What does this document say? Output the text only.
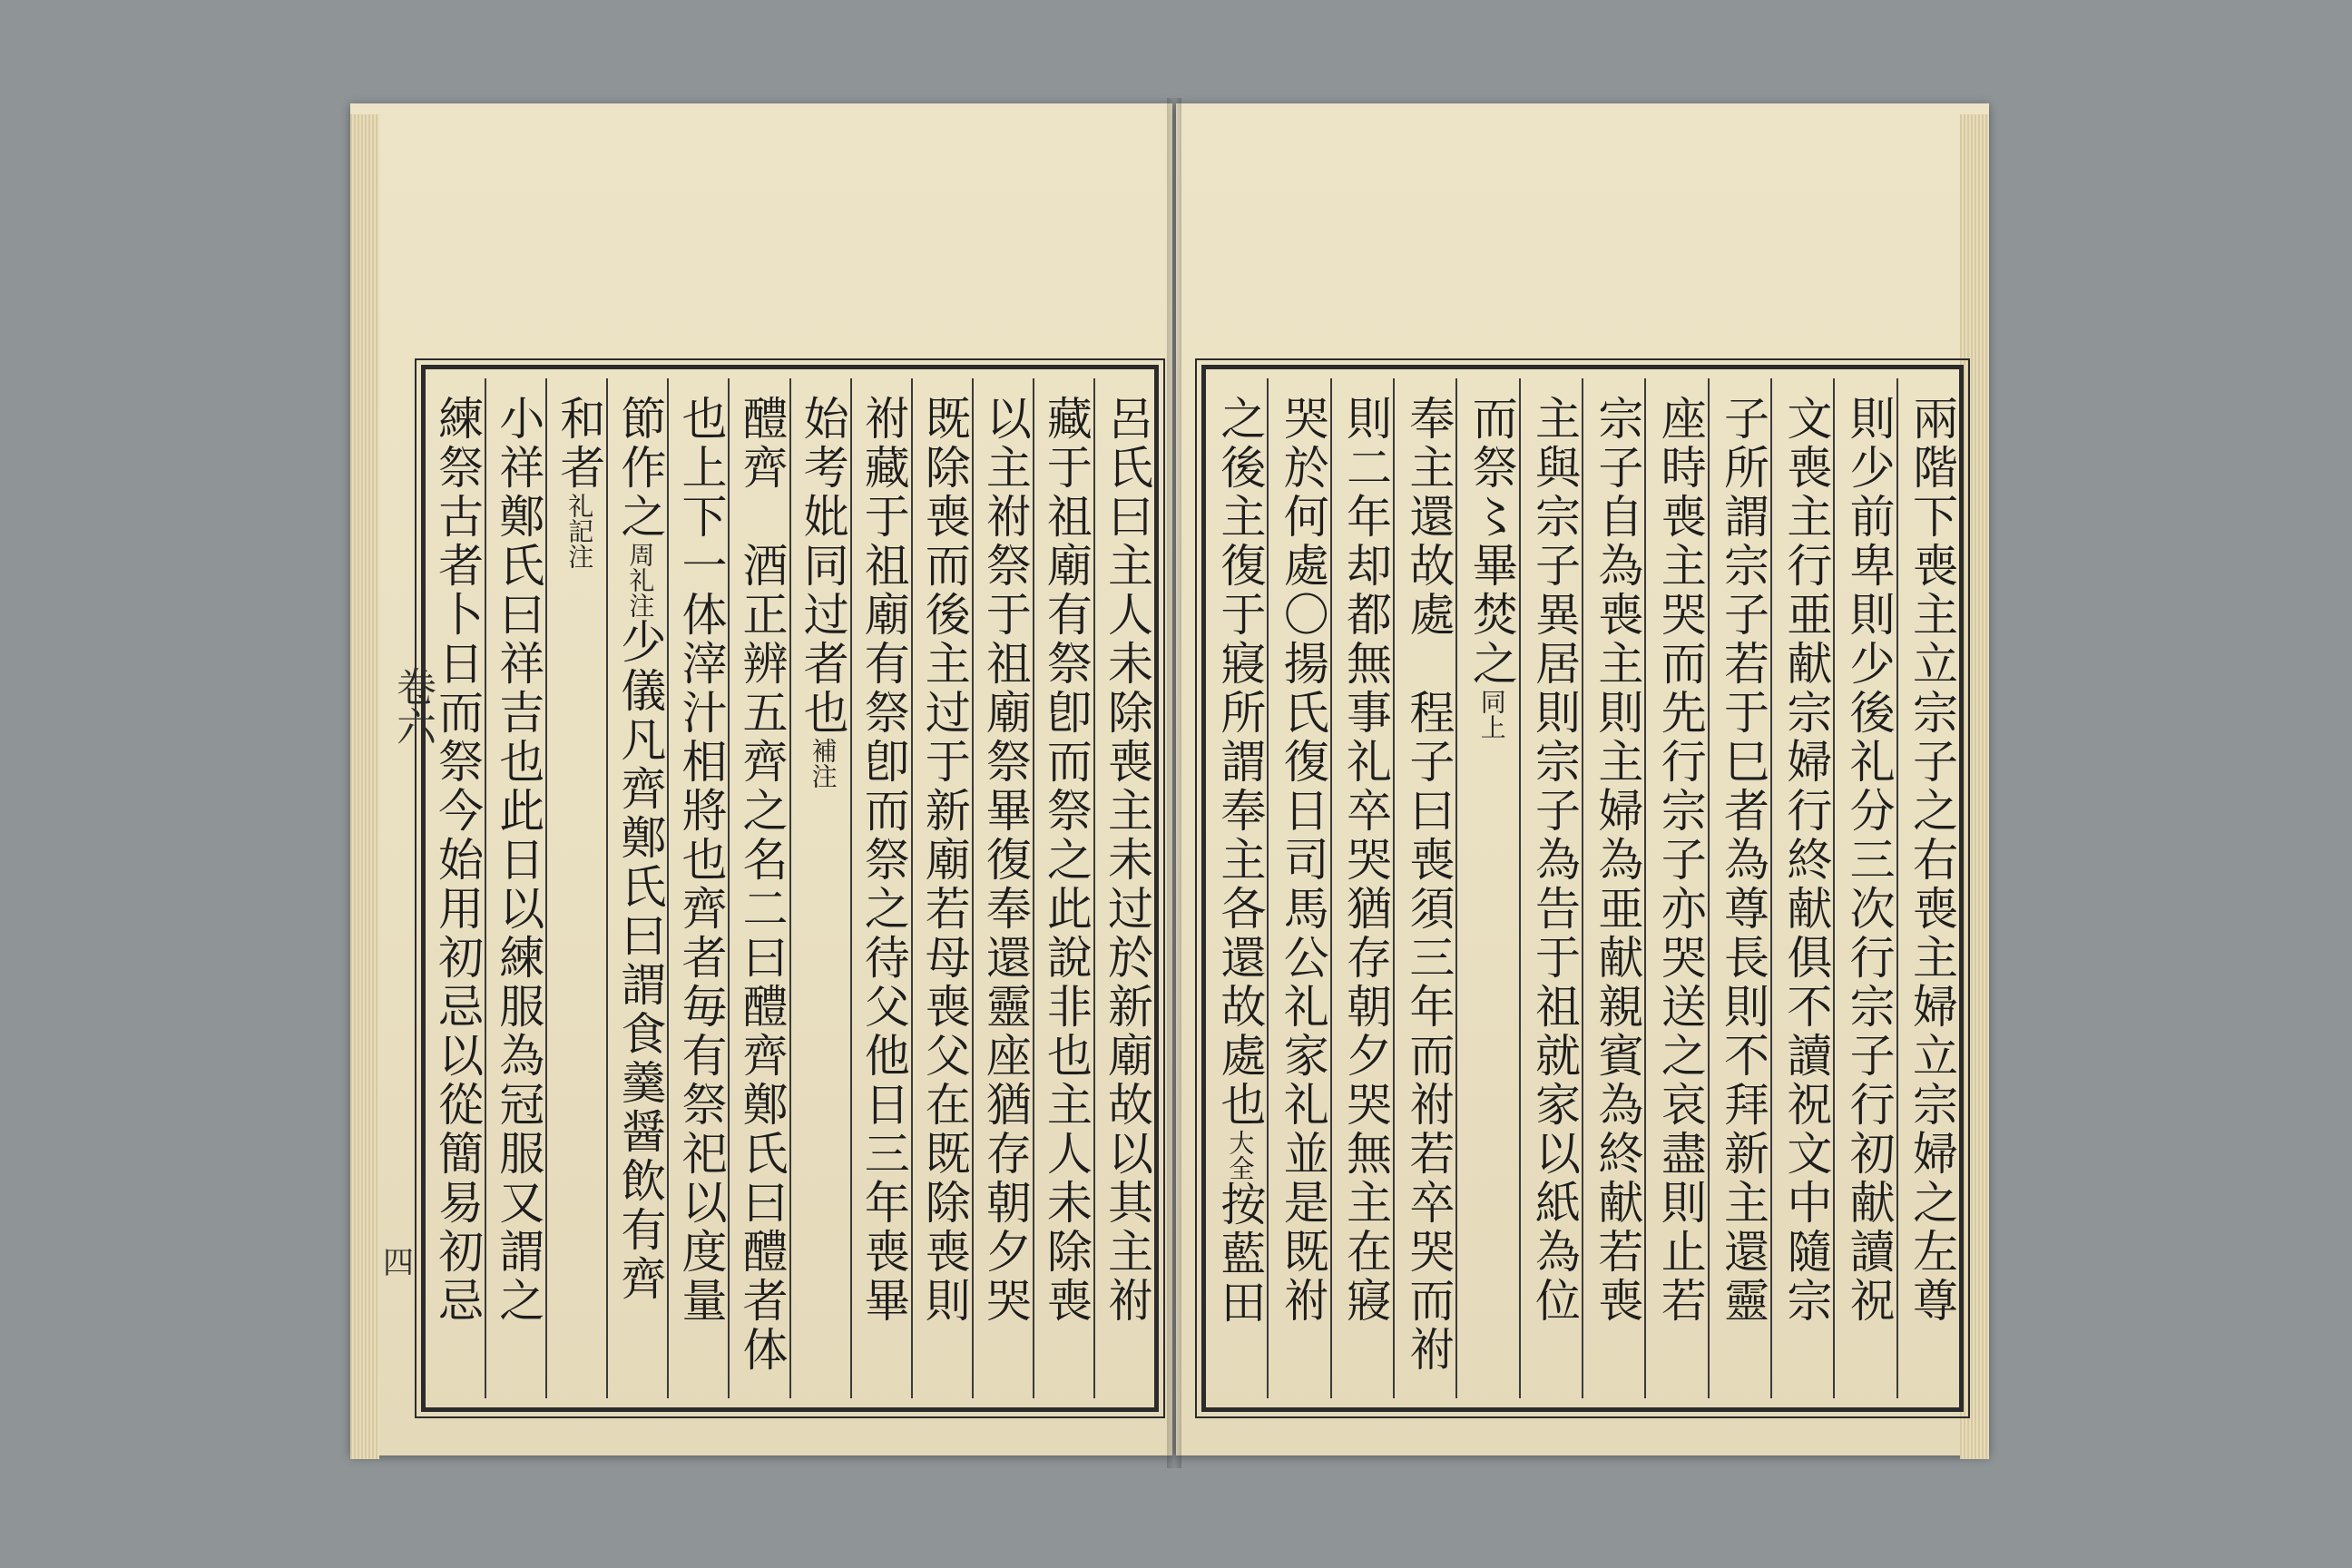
卷六
四	呂氏曰主人未除喪主未过於新廟故以其主祔
藏于祖廟有祭卽而祭之此說非也主人未除喪
以主祔祭于祖廟祭畢復奉還靈座猶存朝夕哭
既除喪而後主过于新廟若母喪父在既除喪則
祔藏于祖廟有祭卽而祭之待父他日三年喪畢
始考妣同过者也補注
醴齊　酒正辨五齊之名二曰醴齊鄭氏曰醴者体
也上下一体滓汁相將也齊者毎有祭祀以度量
節作之周礼注少儀凡齊鄭氏曰謂食羹醤飲有齊
和者礼記注
小祥鄭氏曰祥吉也此日以練服為冠服又謂之
練祭古者卜日而祭今始用初忌以從簡易初忌	兩階下喪主立宗子之右喪主婦立宗婦之左尊
則少前卑則少後礼分三次行宗子行初献讀祝
文喪主行亜献宗婦行終献俱不讀祝文中隨宗
子所謂宗子若于巳者為尊長則不拜新主還靈
座時喪主哭而先行宗子亦哭送之哀盡則止若
宗子自為喪主則主婦為亜献親賓為終献若喪
主與宗子異居則宗子為告于祖就家以紙為位
而祭〻畢焚之同上
奉主還故處　程子曰喪須三年而祔若卒哭而祔
則二年却都無事礼卒哭猶存朝夕哭無主在寢
哭於何處〇揚氏復日司馬公礼家礼並是既祔
之後主復于寢所謂奉主各還故處也大全按藍田
